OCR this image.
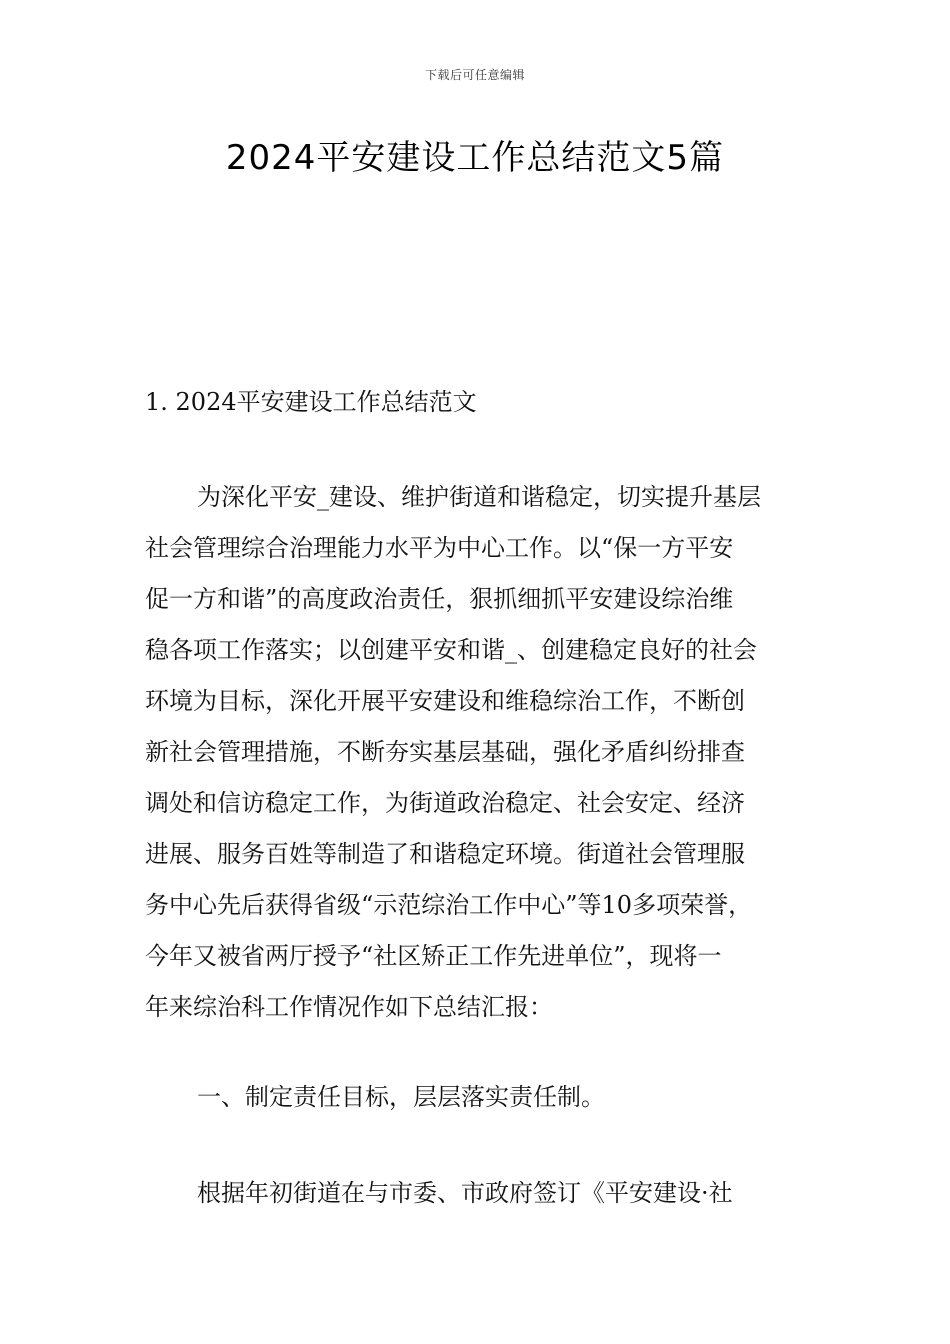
下载后可任意编辑
2024平安建设工作总结范文5篇
1. 2024平安建设工作总结范文
为深化平安_建设、维护街道和谐稳定，切实提升基层
社会管理综合治理能力水平为中心工作。以“保一方平安
促一方和谐”的高度政治责任，狠抓细抓平安建设综治维
稳各项工作落实；以创建平安和谐_、创建稳定良好的社会
环境为目标，深化开展平安建设和维稳综治工作，不断创
新社会管理措施，不断夯实基层基础，强化矛盾纠纷排查
调处和信访稳定工作，为街道政治稳定、社会安定、经济
进展、服务百姓等制造了和谐稳定环境。街道社会管理服
务中心先后获得省级“示范综治工作中心”等10多项荣誉，
今年又被省两厅授予“社区矫正工作先进单位”，现将一
年来综治科工作情况作如下总结汇报：
一、制定责任目标，层层落实责任制。
根据年初街道在与市委、市政府签订《平安建设·社
